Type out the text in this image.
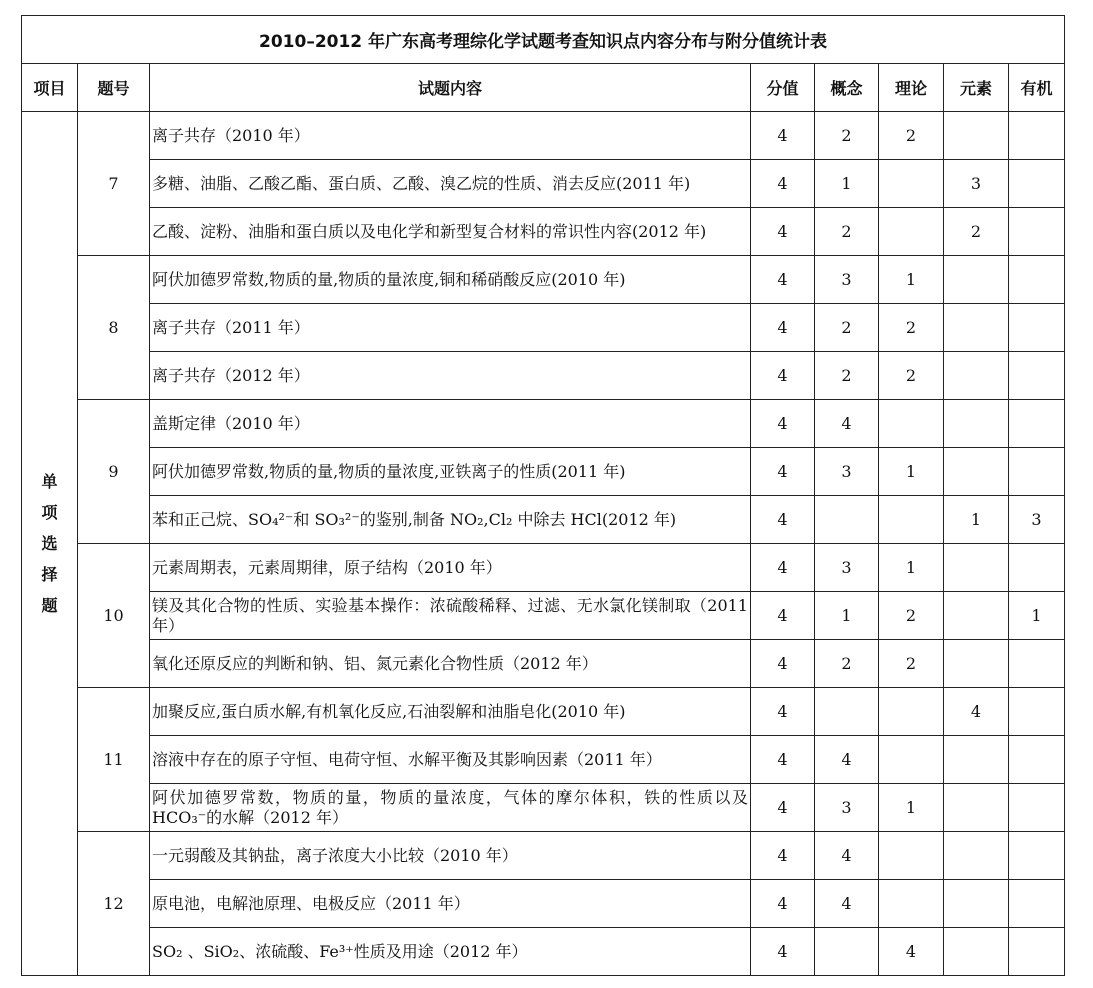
2010–2012 年广东高考理综化学试题考查知识点内容分布与附分值统计表							
项目	题号	试题内容	分值	概念	理论	元素	有机
单项选择题	7	离子共存（2010 年）	4	2	2		
		多糖、油脂、乙酸乙酯、蛋白质、乙酸、溴乙烷的性质、消去反应(2011 年)	4	1		3	
		乙酸、淀粉、油脂和蛋白质以及电化学和新型复合材料的常识性内容(2012 年)	4	2		2	
	8	阿伏加德罗常数,物质的量,物质的量浓度,铜和稀硝酸反应(2010 年)	4	3	1		
		离子共存（2011 年）	4	2	2		
		离子共存（2012 年）	4	2	2		
	9	盖斯定律（2010 年）	4	4			
		阿伏加德罗常数,物质的量,物质的量浓度,亚铁离子的性质(2011 年)	4	3	1		
		苯和正己烷、SO₄²⁻和 SO₃²⁻的鉴别,制备 NO₂,Cl₂ 中除去 HCl(2012 年)	4			1	3
	10	元素周期表，元素周期律，原子结构（2010 年）	4	3	1		
		镁及其化合物的性质、实验基本操作：浓硫酸稀释、过滤、无水氯化镁制取（2011 年）	4	1	2		1
		氧化还原反应的判断和钠、铝、氮元素化合物性质（2012 年）	4	2	2		
	11	加聚反应,蛋白质水解,有机氧化反应,石油裂解和油脂皂化(2010 年)	4			4	
		溶液中存在的原子守恒、电荷守恒、水解平衡及其影响因素（2011 年）	4	4			
		阿伏加德罗常数，物质的量，物质的量浓度，气体的摩尔体积，铁的性质以及 HCO₃⁻的水解（2012 年）	4	3	1		
	12	一元弱酸及其钠盐，离子浓度大小比较（2010 年）	4	4			
		原电池，电解池原理、电极反应（2011 年）	4	4			
		SO₂ 、SiO₂、浓硫酸、Fe³⁺性质及用途（2012 年）	4		4		
